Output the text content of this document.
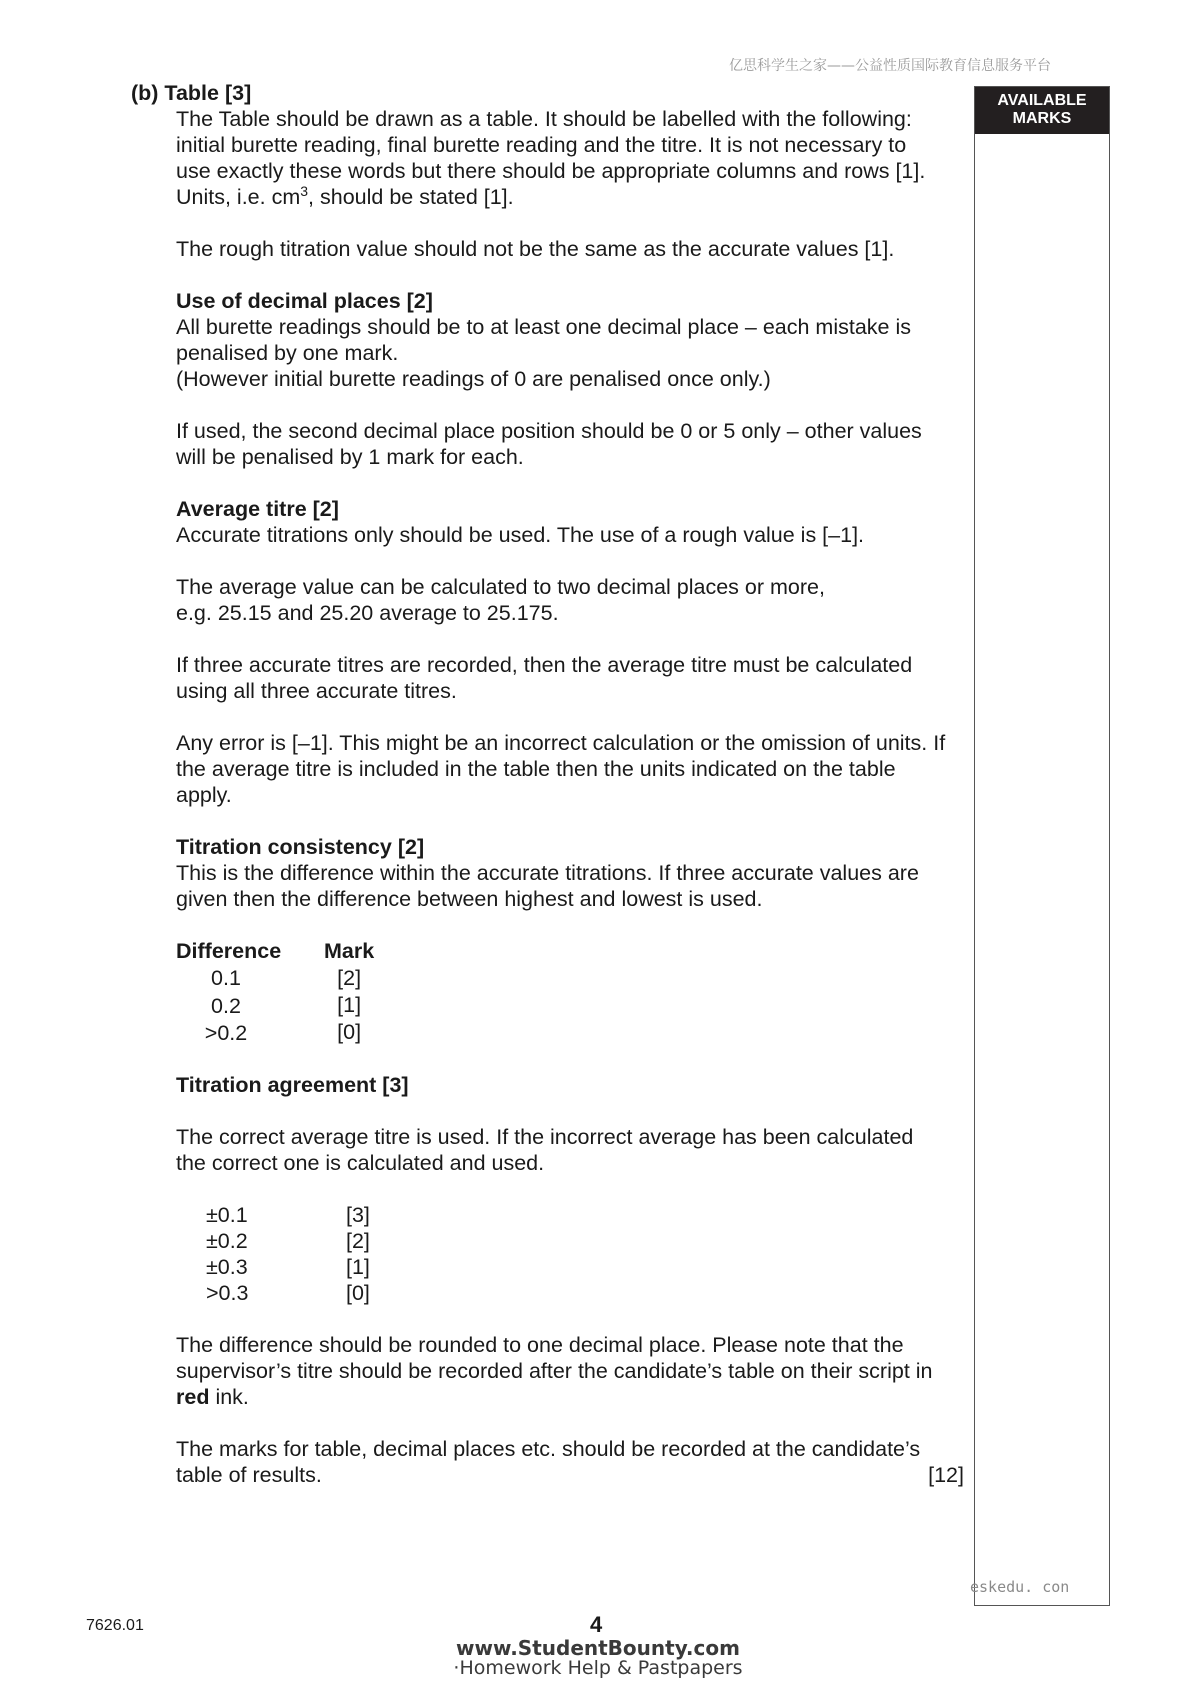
亿思科学生之家——公益性质国际教育信息服务平台
AVAILABLE
MARKS
eskedu. con
(b) Table [3]

The Table should be drawn as a table. It should be labelled with the following: initial burette reading, final burette reading and the titre. It is not necessary to use exactly these words but there should be appropriate columns and rows [1]. Units, i.e. $cm^3$, should be stated [1].

The rough titration value should not be the same as the accurate values [1].

Use of decimal places [2]
All burette readings should be to at least one decimal place – each mistake is penalised by one mark.
(However initial burette readings of 0 are penalised once only.)

If used, the second decimal place position should be 0 or 5 only – other values will be penalised by 1 mark for each.

Average titre [2]
Accurate titrations only should be used. The use of a rough value is [–1].

The average value can be calculated to two decimal places or more,
e.g. 25.15 and 25.20 average to 25.175.

If three accurate titres are recorded, then the average titre must be calculated using all three accurate titres.

Any error is [–1]. This might be an incorrect calculation or the omission of units. If the average titre is included in the table then the units indicated on the table apply.

Titration consistency [2]
This is the difference within the accurate titrations. If three accurate values are given then the difference between highest and lowest is used.
Difference	Mark
0.1	[2]
0.2	[1]
>0.2	[0]
Titration agreement [3]

The correct average titre is used. If the incorrect average has been calculated the correct one is calculated and used.

±0.1	[3]
±0.2	[2]
±0.3	[1]
>0.3	[0]

The difference should be rounded to one decimal place. Please note that the supervisor’s titre should be recorded after the candidate’s table on their script in red ink.

The marks for table, decimal places etc. should be recorded at the candidate’s table of results.	[12]

7626.01	4
www.StudentBounty.com
·Homework Help & Pastpapers
